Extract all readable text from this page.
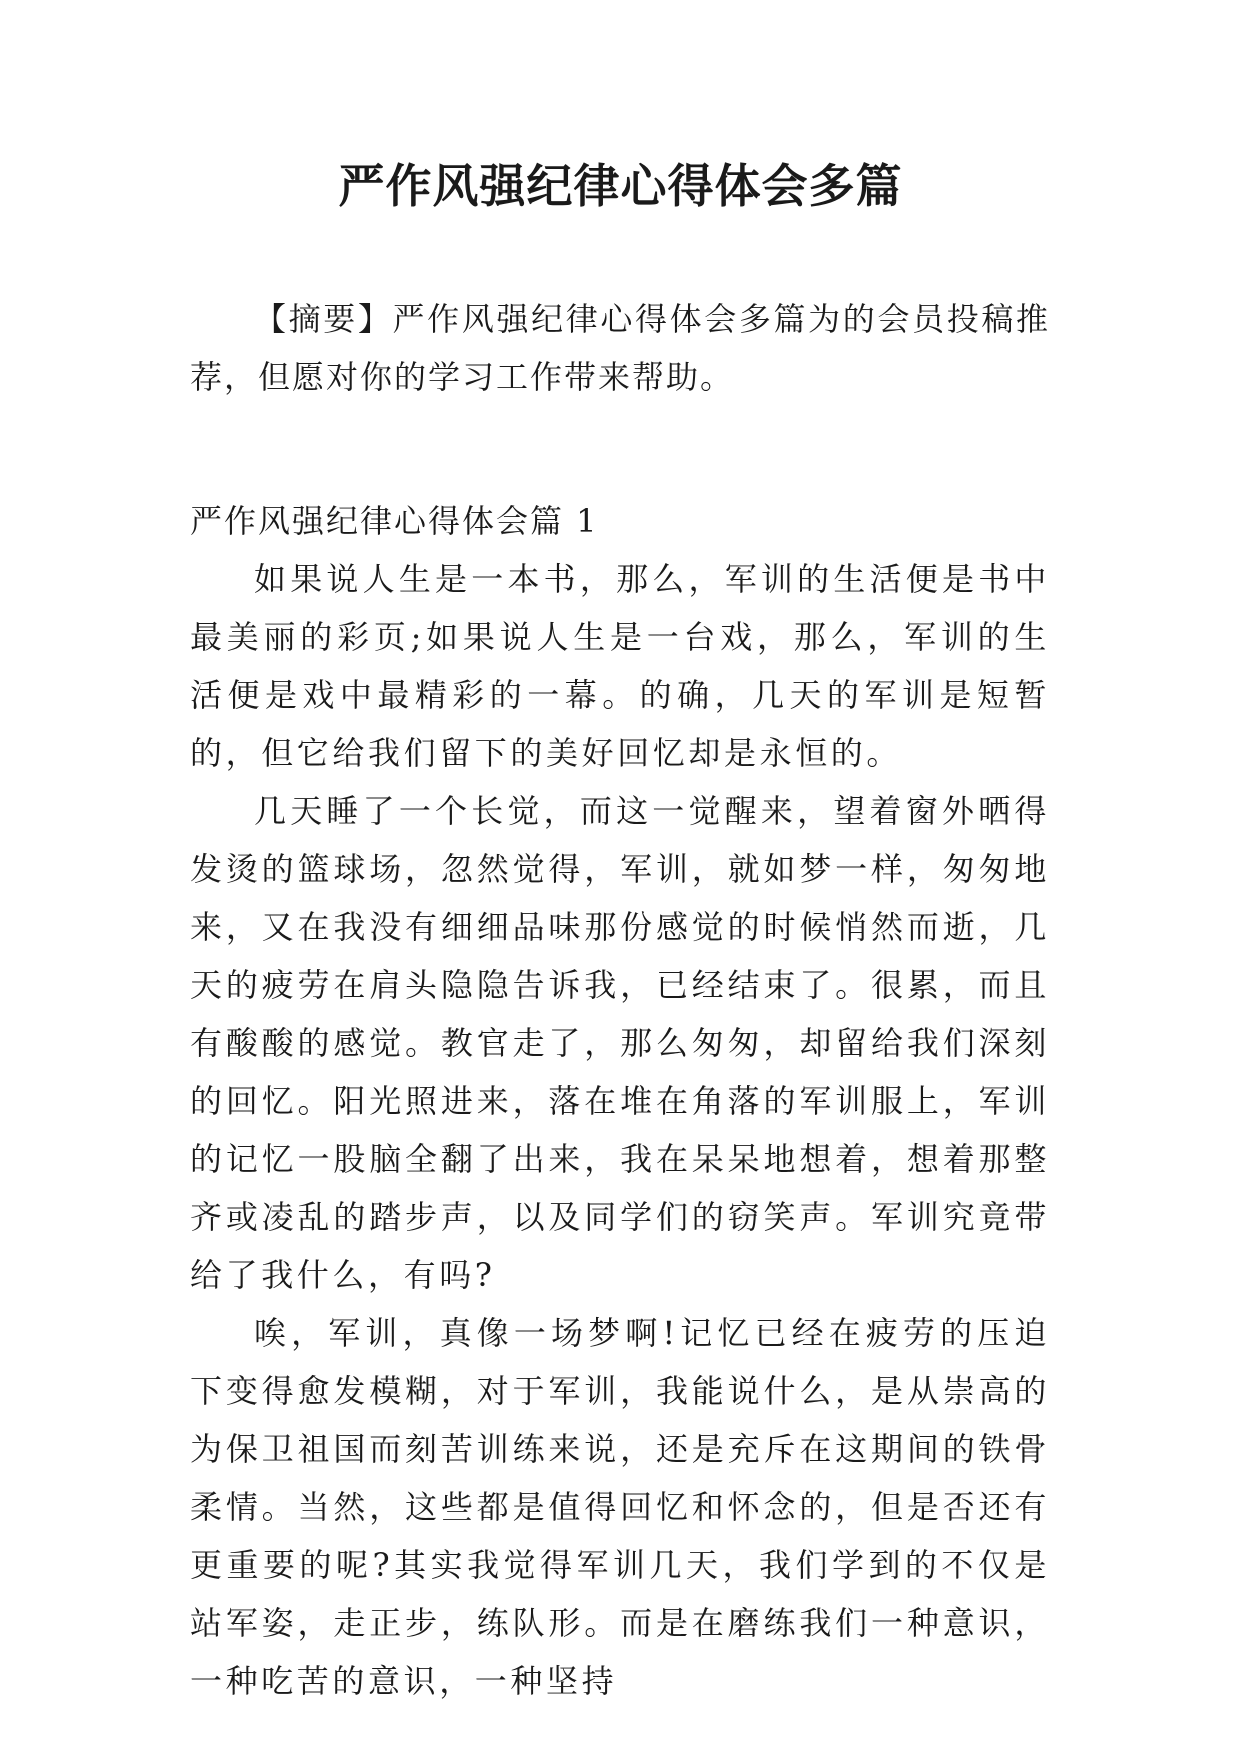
严作风强纪律心得体会多篇

【摘要】严作风强纪律心得体会多篇为的会员投稿推荐，但愿对你的学习工作带来帮助。

严作风强纪律心得体会篇 1

如果说人生是一本书，那么，军训的生活便是书中最美丽的彩页;如果说人生是一台戏，那么，军训的生活便是戏中最精彩的一幕。的确，几天的军训是短暂的，但它给我们留下的美好回忆却是永恒的。

几天睡了一个长觉，而这一觉醒来，望着窗外晒得发烫的篮球场，忽然觉得，军训，就如梦一样，匆匆地来，又在我没有细细品味那份感觉的时候悄然而逝，几天的疲劳在肩头隐隐告诉我，已经结束了。很累，而且有酸酸的感觉。教官走了，那么匆匆，却留给我们深刻的回忆。阳光照进来，落在堆在角落的军训服上，军训的记忆一股脑全翻了出来，我在呆呆地想着，想着那整齐或凌乱的踏步声，以及同学们的窃笑声。军训究竟带给了我什么，有吗?

唉，军训，真像一场梦啊!记忆已经在疲劳的压迫下变得愈发模糊，对于军训，我能说什么，是从崇高的为保卫祖国而刻苦训练来说，还是充斥在这期间的铁骨柔情。当然，这些都是值得回忆和怀念的，但是否还有更重要的呢?其实我觉得军训几天，我们学到的不仅是站军姿，走正步，练队形。而是在磨练我们一种意识，一种吃苦的意识，一种坚持
